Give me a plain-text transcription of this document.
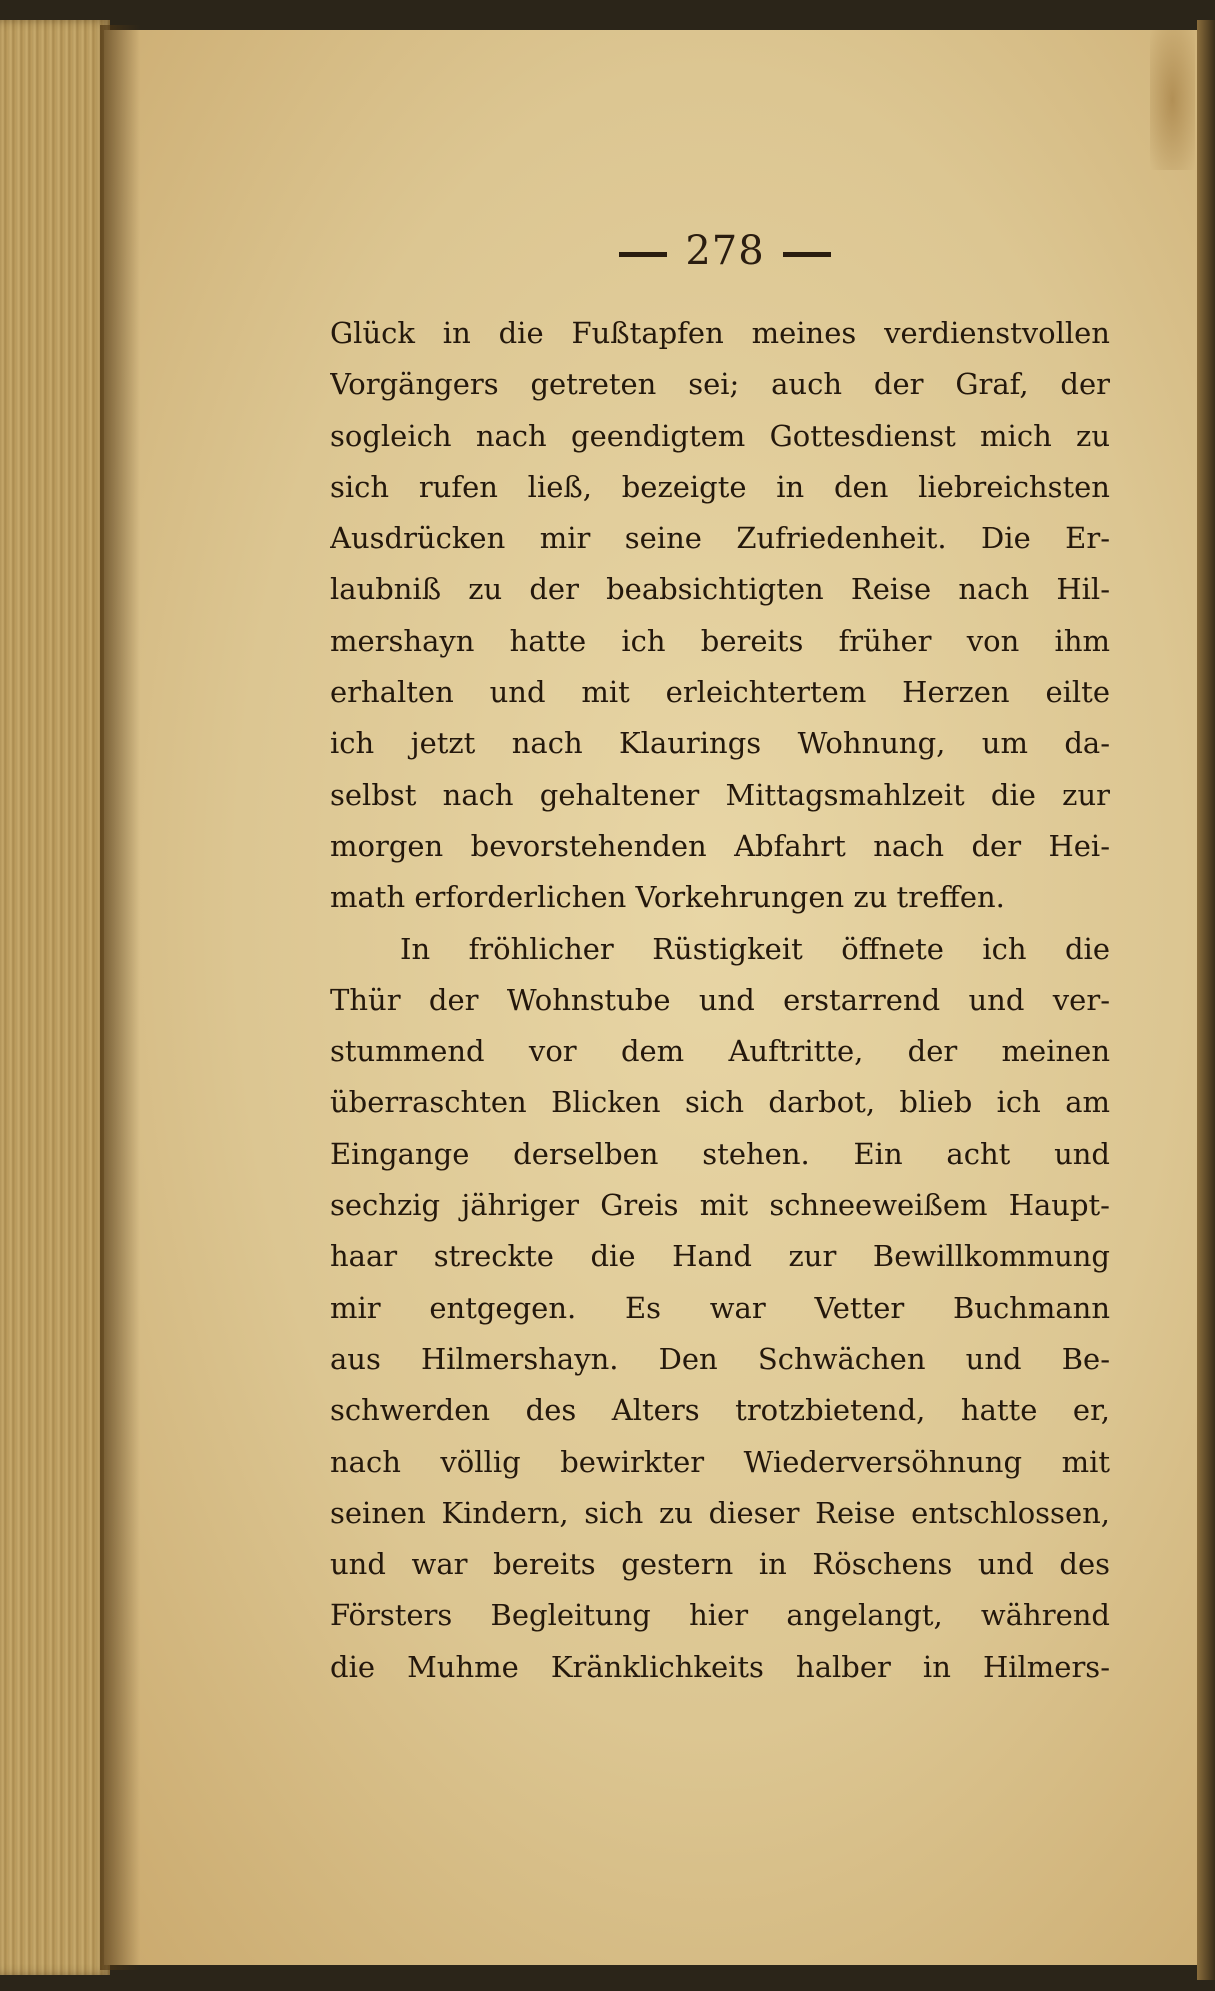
278
Glück in die Fußtapfen meines verdienstvollen
Vorgängers getreten sei; auch der Graf, der
sogleich nach geendigtem Gottesdienst mich zu
sich rufen ließ, bezeigte in den liebreichsten
Ausdrücken mir seine Zufriedenheit. Die Er-
laubniß zu der beabsichtigten Reise nach Hil-
mershayn hatte ich bereits früher von ihm
erhalten und mit erleichtertem Herzen eilte
ich jetzt nach Klaurings Wohnung, um da-
selbst nach gehaltener Mittagsmahlzeit die zur
morgen bevorstehenden Abfahrt nach der Hei-
math erforderlichen Vorkehrungen zu treffen.
In fröhlicher Rüstigkeit öffnete ich die
Thür der Wohnstube und erstarrend und ver-
stummend vor dem Auftritte, der meinen
überraschten Blicken sich darbot, blieb ich am
Eingange derselben stehen. Ein acht und
sechzig jähriger Greis mit schneeweißem Haupt-
haar streckte die Hand zur Bewillkommung
mir entgegen. Es war Vetter Buchmann
aus Hilmershayn. Den Schwächen und Be-
schwerden des Alters trotzbietend, hatte er,
nach völlig bewirkter Wiederversöhnung mit
seinen Kindern, sich zu dieser Reise entschlossen,
und war bereits gestern in Röschens und des
Försters Begleitung hier angelangt, während
die Muhme Kränklichkeits halber in Hilmers-
